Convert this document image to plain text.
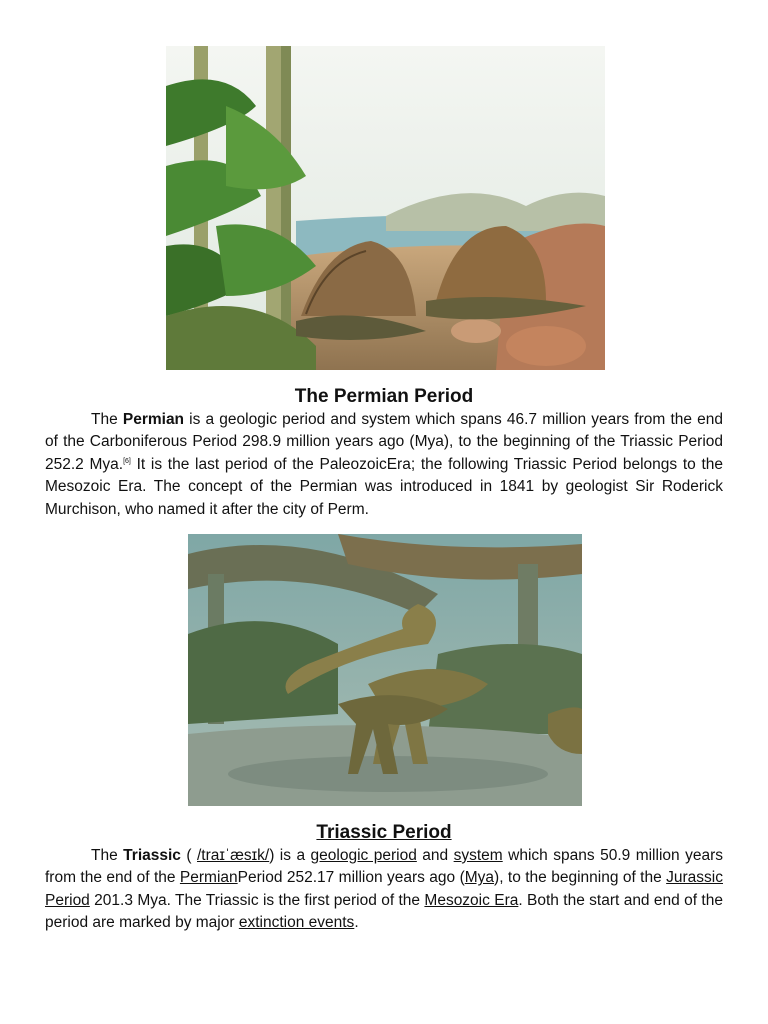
The Permian Period

The Permian is a geologic period and system which spans 46.7 million years from the end of the Carboniferous Period 298.9 million years ago (Mya), to the beginning of the Triassic Period 252.2 Mya.[6] It is the last period of the PaleozoicEra; the following Triassic Period belongs to the Mesozoic Era. The concept of the Permian was introduced in 1841 by geologist Sir Roderick Murchison, who named it after the city of Perm.

Triassic Period

The Triassic ( /traɪˈæsɪk/) is a geologic period and system which spans 50.9 million years from the end of the PermianPeriod 252.17 million years ago (Mya), to the beginning of the Jurassic Period 201.3 Mya. The Triassic is the first period of the Mesozoic Era. Both the start and end of the period are marked by major extinction events.
